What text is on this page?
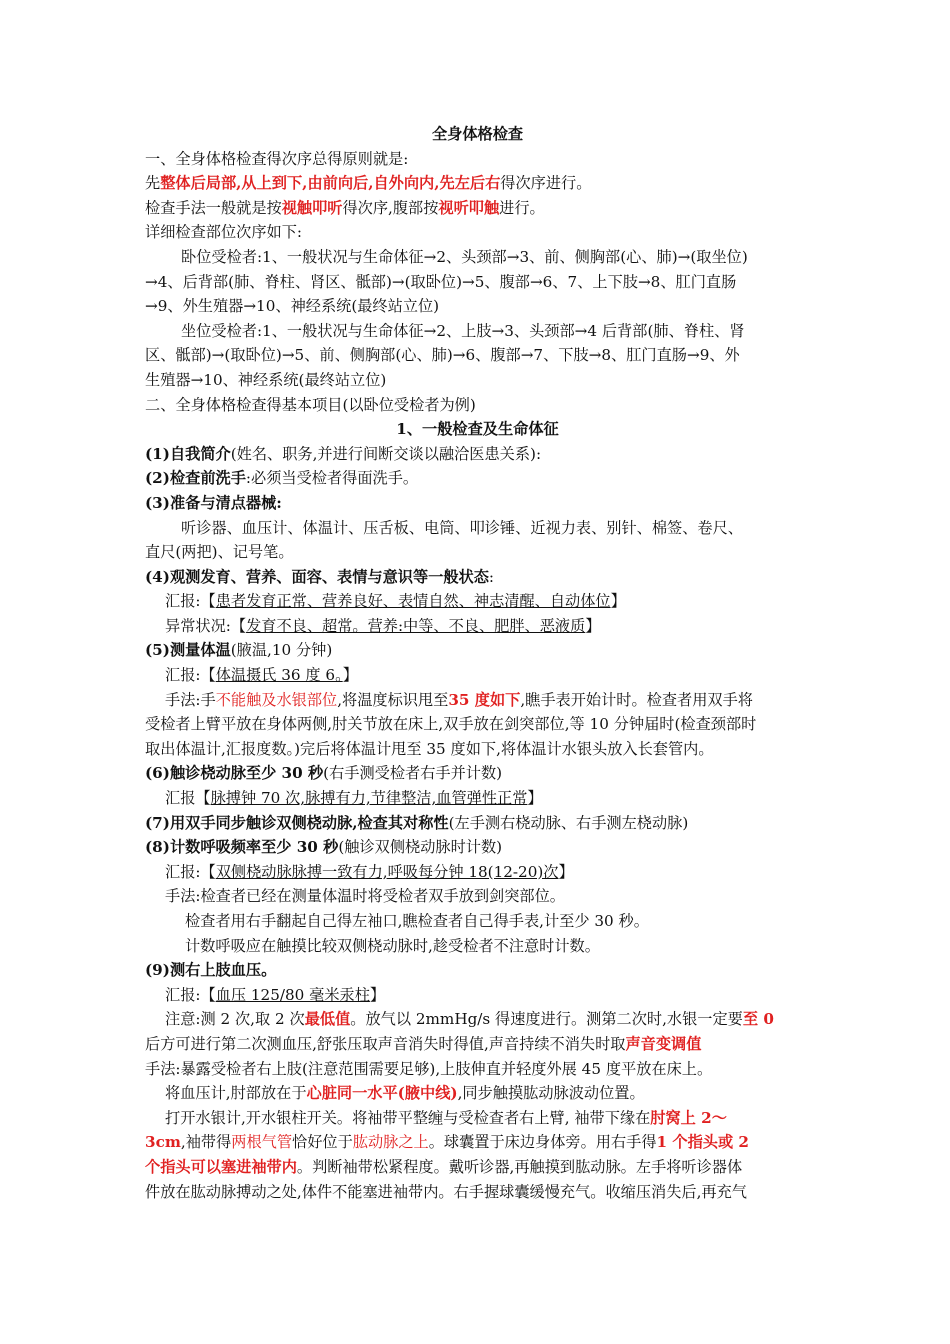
全身体格检查

一、全身体格检查得次序总得原则就是:

先整体后局部,从上到下,由前向后,自外向内,先左后右得次序进行。

检查手法一般就是按视触叩听得次序,腹部按视听叩触进行。

详细检查部位次序如下:

卧位受检者:1、一般状况与生命体征→2、头颈部→3、前、侧胸部(心、肺)→(取坐位)

→4、后背部(肺、脊柱、肾区、骶部)→(取卧位)→5、腹部→6、7、上下肢→8、肛门直肠

→9、外生殖器→10、神经系统(最终站立位)

坐位受检者:1、一般状况与生命体征→2、上肢→3、头颈部→4 后背部(肺、脊柱、肾

区、骶部)→(取卧位)→5、前、侧胸部(心、肺)→6、腹部→7、下肢→8、肛门直肠→9、外

生殖器→10、神经系统(最终站立位)

二、全身体格检查得基本项目(以卧位受检者为例)

1、一般检查及生命体征

(1)自我简介(姓名、职务,并进行间断交谈以融洽医患关系):

(2)检查前洗手:必须当受检者得面洗手。

(3)准备与清点器械:

听诊器、血压计、体温计、压舌板、电筒、叩诊锤、近视力表、别针、棉签、卷尺、

直尺(两把)、记号笔。

(4)观测发育、营养、面容、表情与意识等一般状态:

汇报:【患者发育正常、营养良好、表情自然、神志清醒、自动体位】

异常状况:【发育不良、超常。营养:中等、不良、肥胖、恶液质】

(5)测量体温(腋温,10 分钟)

汇报:【体温摄氏 36 度 6。】

手法:手不能触及水银部位,将温度标识甩至35 度如下,瞧手表开始计时。检查者用双手将

受检者上臂平放在身体两侧,肘关节放在床上,双手放在剑突部位,等 10 分钟届时(检查颈部时

取出体温计,汇报度数。)完后将体温计甩至 35 度如下,将体温计水银头放入长套管内。

(6)触诊桡动脉至少 30 秒(右手测受检者右手并计数)

汇报【脉搏钟 70 次,脉搏有力,节律整洁,血管弹性正常】

(7)用双手同步触诊双侧桡动脉,检查其对称性(左手测右桡动脉、右手测左桡动脉)

(8)计数呼吸频率至少 30 秒(触诊双侧桡动脉时计数)

汇报:【双侧桡动脉脉搏一致有力,呼吸每分钟 18(12-20)次】

手法:检查者已经在测量体温时将受检者双手放到剑突部位。

检查者用右手翻起自己得左袖口,瞧检查者自己得手表,计至少 30 秒。

计数呼吸应在触摸比较双侧桡动脉时,趁受检者不注意时计数。

(9)测右上肢血压。

汇报:【血压 125/80 毫米汞柱】

注意:测 2 次,取 2 次最低值。放气以 2mmHg/s 得速度进行。测第二次时,水银一定要至 0

后方可进行第二次测血压,舒张压取声音消失时得值,声音持续不消失时取声音变调值

手法:暴露受检者右上肢(注意范围需要足够),上肢伸直并轻度外展 45 度平放在床上。

将血压计,肘部放在于心脏同一水平(腋中线),同步触摸肱动脉波动位置。

打开水银计,开水银柱开关。将袖带平整缠与受检查者右上臂, 袖带下缘在肘窝上 2～

3cm,袖带得两根气管恰好位于肱动脉之上。球囊置于床边身体旁。用右手得1 个指头或 2

个指头可以塞进袖带内。判断袖带松紧程度。戴听诊器,再触摸到肱动脉。左手将听诊器体

件放在肱动脉搏动之处,体件不能塞进袖带内。右手握球囊缓慢充气。收缩压消失后,再充气
